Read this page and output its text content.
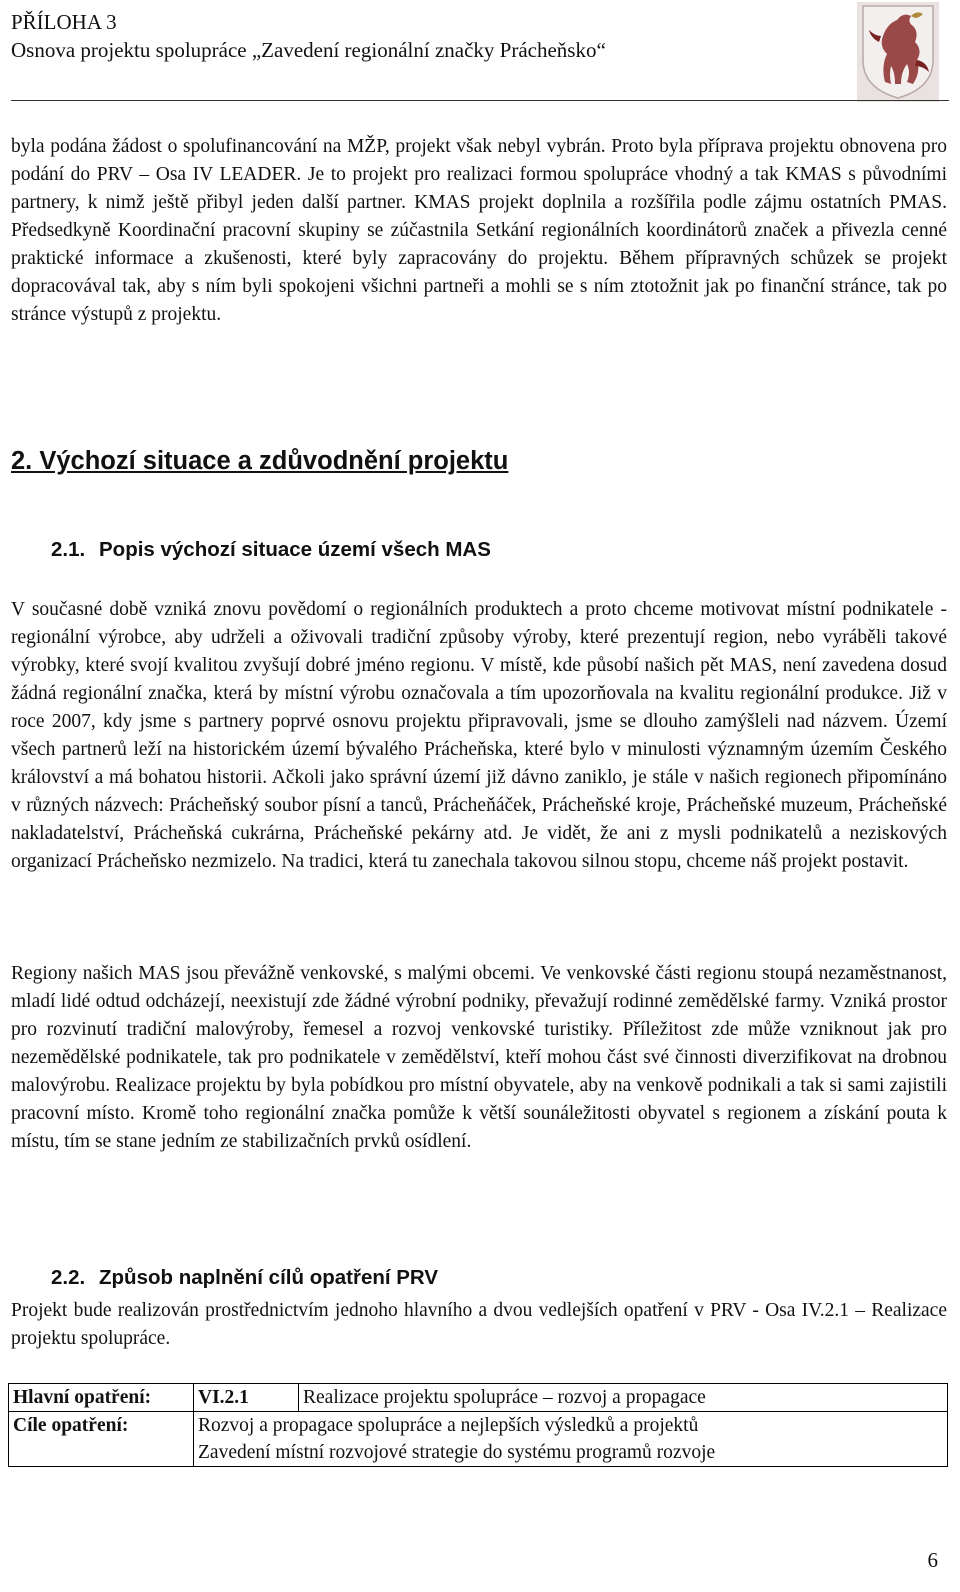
PŘÍLOHA 3
Osnova projektu spolupráce „Zavedení regionální značky Prácheňsko“

byla podána žádost o spolufinancování na MŽP, projekt však nebyl vybrán. Proto byla příprava projektu obnovena pro podání do PRV – Osa IV LEADER. Je to projekt pro realizaci formou spolupráce vhodný a tak KMAS s původními partnery, k nimž ještě přibyl jeden další partner. KMAS projekt doplnila a rozšířila podle zájmu ostatních PMAS. Předsedkyně Koordinační pracovní skupiny se zúčastnila Setkání regionálních koordinátorů značek a přivezla cenné praktické informace a zkušenosti, které byly zapracovány do projektu. Během přípravných schůzek se projekt dopracovával tak, aby s ním byli spokojeni všichni partneři a mohli se s ním ztotožnit jak po finanční stránce, tak po stránce výstupů z projektu.

2. Výchozí situace a zdůvodnění projektu
2.1. Popis výchozí situace území všech MAS

V současné době vzniká znovu povědomí o regionálních produktech a proto chceme motivovat místní podnikatele - regionální výrobce, aby udrželi a oživovali tradiční způsoby výroby, které prezentují region, nebo vyráběli takové výrobky, které svojí kvalitou zvyšují dobré jméno regionu. V místě, kde působí našich pět MAS, není zavedena dosud žádná regionální značka, která by místní výrobu označovala a tím upozorňovala na kvalitu regionální produkce. Již v roce 2007, kdy jsme s partnery poprvé osnovu projektu připravovali, jsme se dlouho zamýšleli nad názvem. Území všech partnerů leží na historickém území bývalého Prácheňska, které bylo v minulosti významným územím Českého království a má bohatou historii. Ačkoli jako správní území již dávno zaniklo, je stále v našich regionech připomínáno v různých názvech: Prácheňský soubor písní a tanců, Prácheňáček, Prácheňské kroje, Prácheňské muzeum, Prácheňské nakladatelství, Prácheňská cukrárna, Prácheňské pekárny atd. Je vidět, že ani z mysli podnikatelů a neziskových organizací Prácheňsko nezmizelo. Na tradici, která tu zanechala takovou silnou stopu, chceme náš projekt postavit.

Regiony našich MAS jsou převážně venkovské, s malými obcemi. Ve venkovské části regionu stoupá nezaměstnanost, mladí lidé odtud odcházejí, neexistují zde žádné výrobní podniky, převažují rodinné zemědělské farmy. Vzniká prostor pro rozvinutí tradiční malovýroby, řemesel a rozvoj venkovské turistiky. Příležitost zde může vzniknout jak pro nezemědělské podnikatele, tak pro podnikatele v zemědělství, kteří mohou část své činnosti diverzifikovat na drobnou malovýrobu. Realizace projektu by byla pobídkou pro místní obyvatele, aby na venkově podnikali a tak si sami zajistili pracovní místo. Kromě toho regionální značka pomůže k větší sounáležitosti obyvatel s regionem a získání pouta k místu, tím se stane jedním ze stabilizačních prvků osídlení.

2.2. Způsob naplnění cílů opatření PRV

Projekt bude realizován prostřednictvím jednoho hlavního a dvou vedlejších opatření v PRV - Osa IV.2.1 – Realizace projektu spolupráce.

Hlavní opatření:	VI.2.1	Realizace projektu spolupráce – rozvoj a propagace
Cíle opatření:	Rozvoj a propagace spolupráce a nejlepších výsledků a projektů
Zavedení místní rozvojové strategie do systému programů rozvoje	
6
